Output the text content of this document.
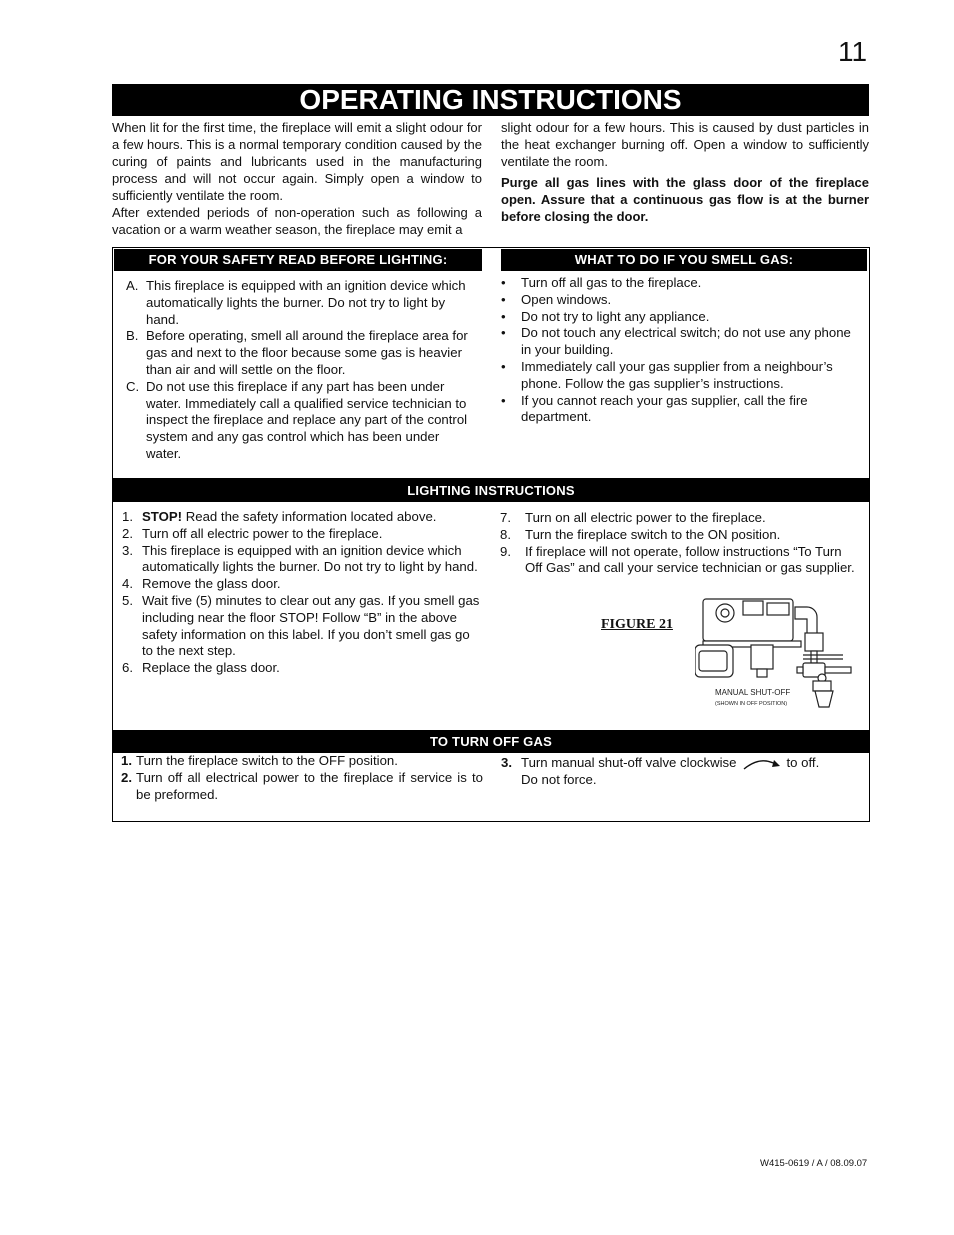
11
OPERATING INSTRUCTIONS

When lit for the first time, the fireplace will emit a slight odour for a few hours. This is a normal temporary condition caused by the curing of paints and lubricants used in the manufacturing process and will not occur again. Simply open a window to sufficiently ventilate the room.

After extended periods of non-operation such as following a vacation or a warm weather season, the fireplace may emit a

slight odour for a few hours. This is caused by dust particles in the heat exchanger burning off. Open a window to sufficiently ventilate the room.

Purge all gas lines with the glass door of the fireplace open. Assure that a continuous gas flow is at the burner before closing the door.

FOR YOUR SAFETY READ BEFORE LIGHTING:	WHAT TO DO IF YOU SMELL GAS:
A. This fireplace is equipped with an ignition device which automatically lights the burner. Do not try to light by hand.
B. Before operating, smell all around the fireplace area for gas and next to the floor because some gas is heavier than air and will settle on the floor.
C. Do not use this fireplace if any part has been under water. Immediately call a qualified service technician to inspect the fireplace and replace any part of the control system and any gas control which has been under water.
• Turn off all gas to the fireplace.
• Open windows.
• Do not try to light any appliance.
• Do not touch any electrical switch; do not use any phone in your building.
• Immediately call your gas supplier from a neighbour’s phone. Follow the gas supplier’s instructions.
• If you cannot reach your gas supplier, call the fire department.
LIGHTING INSTRUCTIONS
1. STOP! Read the safety information located above.
2. Turn off all electric power to the fireplace.
3. This fireplace is equipped with an ignition device which automatically lights the burner. Do not try to light by hand.
4. Remove the glass door.
5. Wait five (5) minutes to clear out any gas. If you smell gas including near the floor STOP! Follow “B” in the above safety information on this label. If you don’t smell gas go to the next step.
6. Replace the glass door.
7. Turn on all electric power to the fireplace.
8. Turn the fireplace switch to the ON position.
9. If fireplace will not operate, follow instructions “To Turn Off Gas” and call your service technician or gas supplier.
FIGURE 21
MANUAL SHUT-OFF
(SHOWN IN OFF POSITION)
TO TURN OFF GAS
1. Turn the fireplace switch to the OFF position.
2. Turn off all electrical power to the fireplace if service is to be preformed.
3. Turn manual shut-off valve clockwise	to off.
Do not force.
W415-0619 / A / 08.09.07
